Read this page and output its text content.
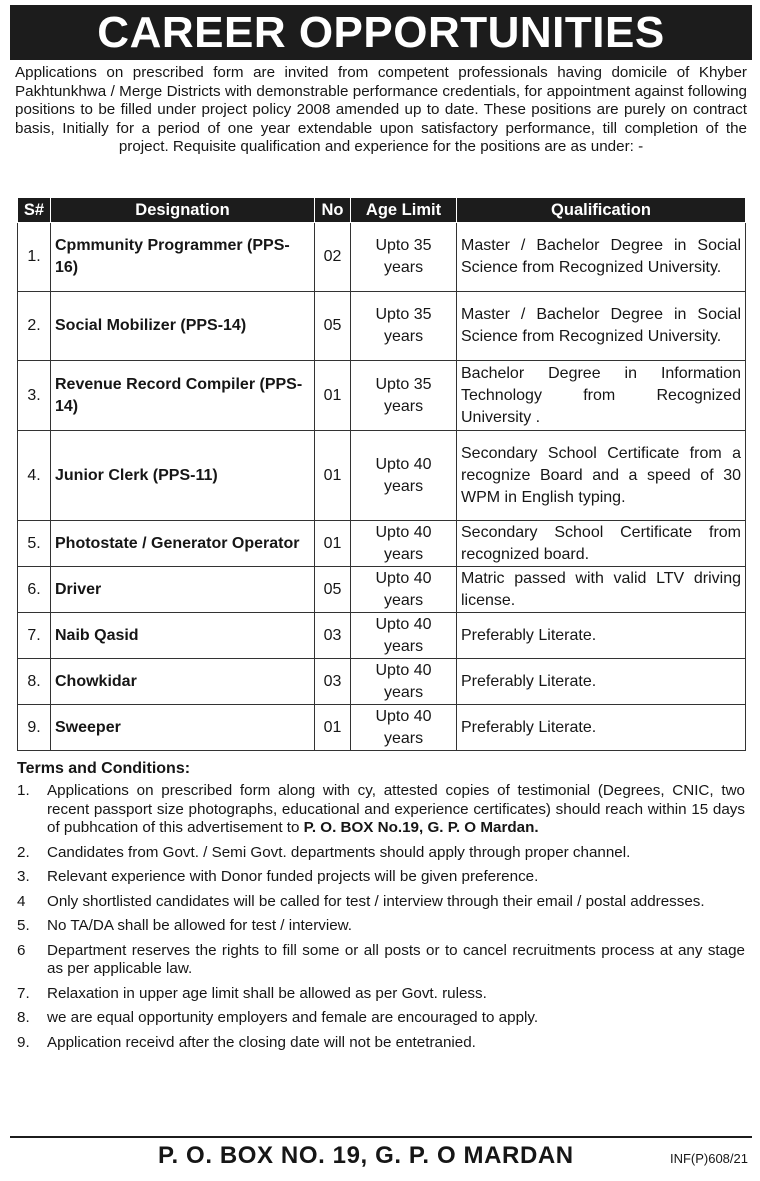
CAREER OPPORTUNITIES
Applications on prescribed form are invited from competent professionals having domicile of Khyber Pakhtunkhwa / Merge Districts with demonstrable performance credentials, for appointment against following positions to be filled under project policy 2008 amended up to date. These positions are purely on contract basis, Initially for a period of one year extendable upon satisfactory performance, till completion of the project. Requisite qualification and experience for the positions are as under: -
S#	Designation	No	Age Limit	Qualification
1.	Cpmmunity Programmer (PPS-16)	02	Upto 35 years	Master / Bachelor Degree in Social Science from Recognized University.
2.	Social Mobilizer (PPS-14)	05	Upto 35 years	Master / Bachelor Degree in Social Science from Recognized University.
3.	Revenue Record Compiler (PPS-14)	01	Upto 35 years	Bachelor Degree in Information Technology from Recognized University .
4.	Junior Clerk (PPS-11)	01	Upto 40 years	Secondary School Certificate from a recognize Board and a speed of 30 WPM in English typing.
5.	Photostate / Generator Operator	01	Upto 40 years	Secondary School Certificate from recognized board.
6.	Driver	05	Upto 40 years	Matric passed with valid LTV driving license.
7.	Naib Qasid	03	Upto 40 years	Preferably Literate.
8.	Chowkidar	03	Upto 40 years	Preferably Literate.
9.	Sweeper	01	Upto 40 years	Preferably Literate.
Terms and Conditions:
1.	Applications on prescribed form along with cy, attested copies of testimonial (Degrees, CNIC, two recent passport size photographs, educational and experience certificates) should reach within 15 days of pubhcation of this advertisement to P. O. BOX No.19, G. P. O Mardan.
2.	Candidates from Govt. / Semi Govt. departments should apply through proper channel.
3.	Relevant experience with Donor funded projects will be given preference.
4	Only shortlisted candidates will be called for test / interview through their email / postal addresses.
5.	No TA/DA shall be allowed for test / interview.
6	Department reserves the rights to fill some or all posts or to cancel recruitments process at any stage as per applicable law.
7.	Relaxation in upper age limit shall be allowed as per Govt. ruless.
8.	we are equal opportunity employers and female are encouraged to apply.
9.	Application receivd after the closing date will not be entetranied.
P. O. BOX NO. 19, G. P. O MARDAN	INF(P)608/21
